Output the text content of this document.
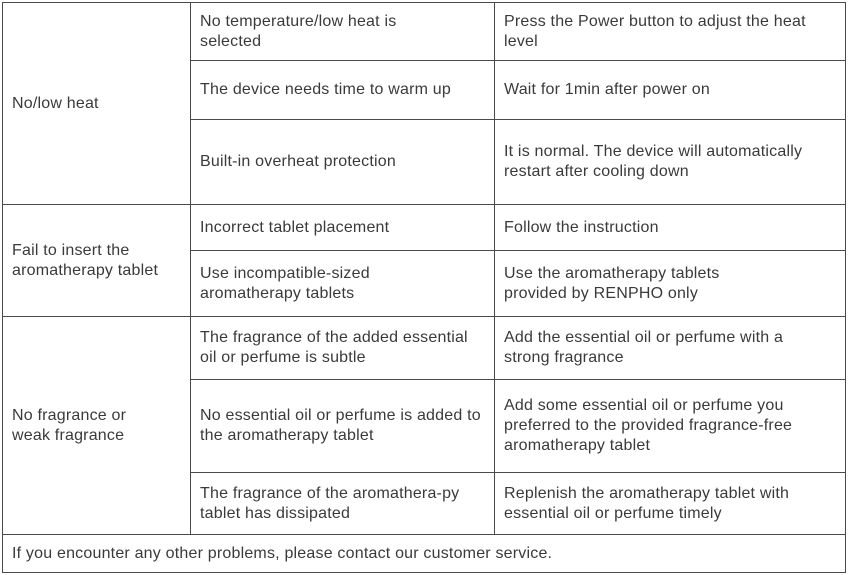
No/low heat	No temperature/low heat is selected	Press the Power button to adjust the heat level

	The device needs time to warm up	Wait for 1min after power on

	Built-in overheat protection	It is normal. The device will automatically restart after cooling down

Fail to insert the aromatherapy tablet	Incorrect tablet placement	Follow the instruction

	Use incompatible-sized aromatherapy tablets	Use the aromatherapy tablets provided by RENPHO only

No fragrance or weak fragrance	The fragrance of the added essential oil or perfume is subtle	Add the essential oil or perfume with a strong fragrance

	No essential oil or perfume is added to the aromatherapy tablet	Add some essential oil or perfume you preferred to the provided fragrance-free aromatherapy tablet

	The fragrance of the aromathera-py tablet has dissipated	Replenish the aromatherapy tablet with essential oil or perfume timely

If you encounter any other problems, please contact our customer service.		
